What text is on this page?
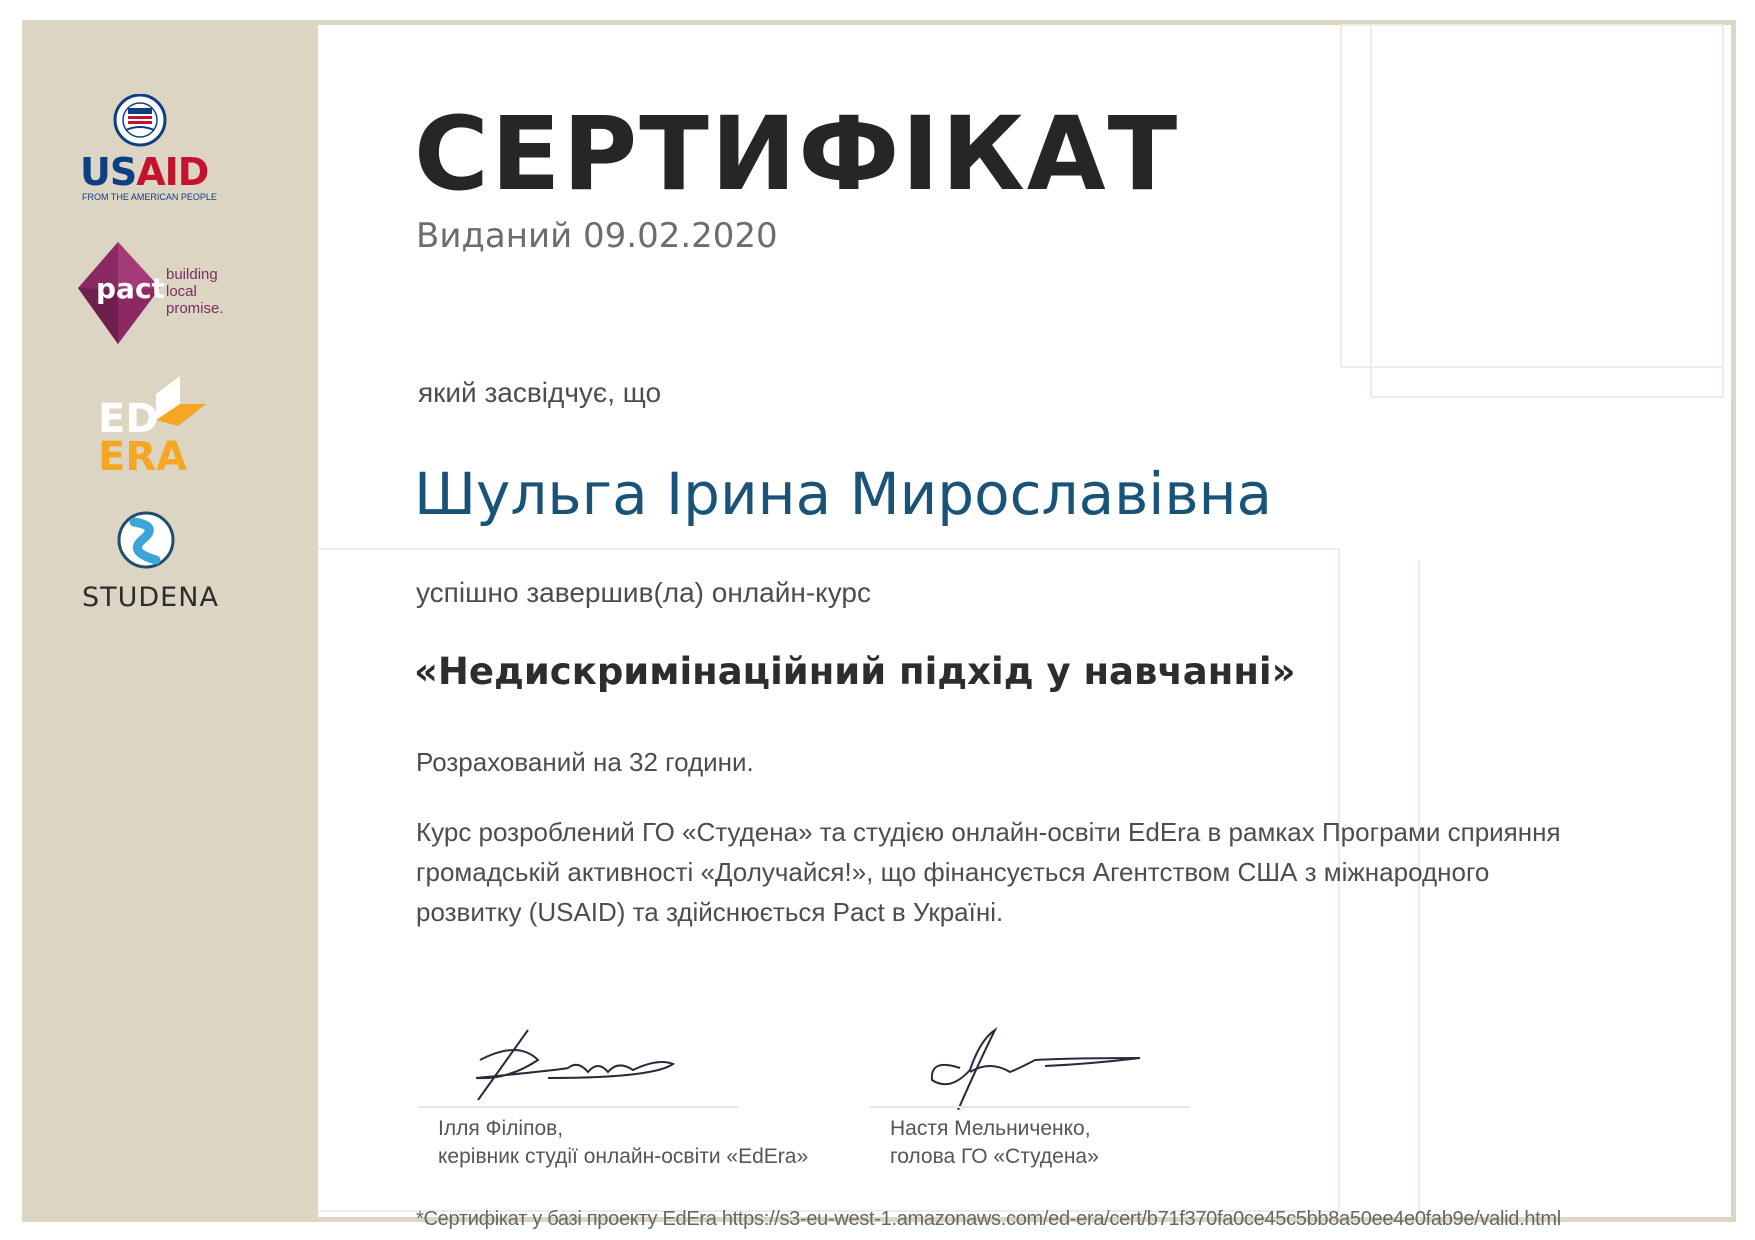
USAID
FROM THE AMERICAN PEOPLE
pact building
local
promise.
ED
ERA
STUDENA
СЕРТИФІКАТ
Виданий 09.02.2020
який засвідчує, що
Шульга Ірина Мирославівна
успішно завершив(ла) онлайн-курс
«Недискримінаційний підхід у навчанні»
Розрахований на 32 години.
Курс розроблений ГО «Студена» та студією онлайн-освіти EdEra в рамках Програми сприяння
громадській активності «Долучайся!», що фінансується Агентством США з міжнародного
розвитку (USAID) та здійснюється Pact в Україні.
Ілля Філіпов,
керівник студії онлайн-освіти «EdEra»
Настя Мельниченко,
голова ГО «Студена»
*Сертифікат у базі проекту EdEra https://s3-eu-west-1.amazonaws.com/ed-era/cert/b71f370fa0ce45c5bb8a50ee4e0fab9e/valid.html
